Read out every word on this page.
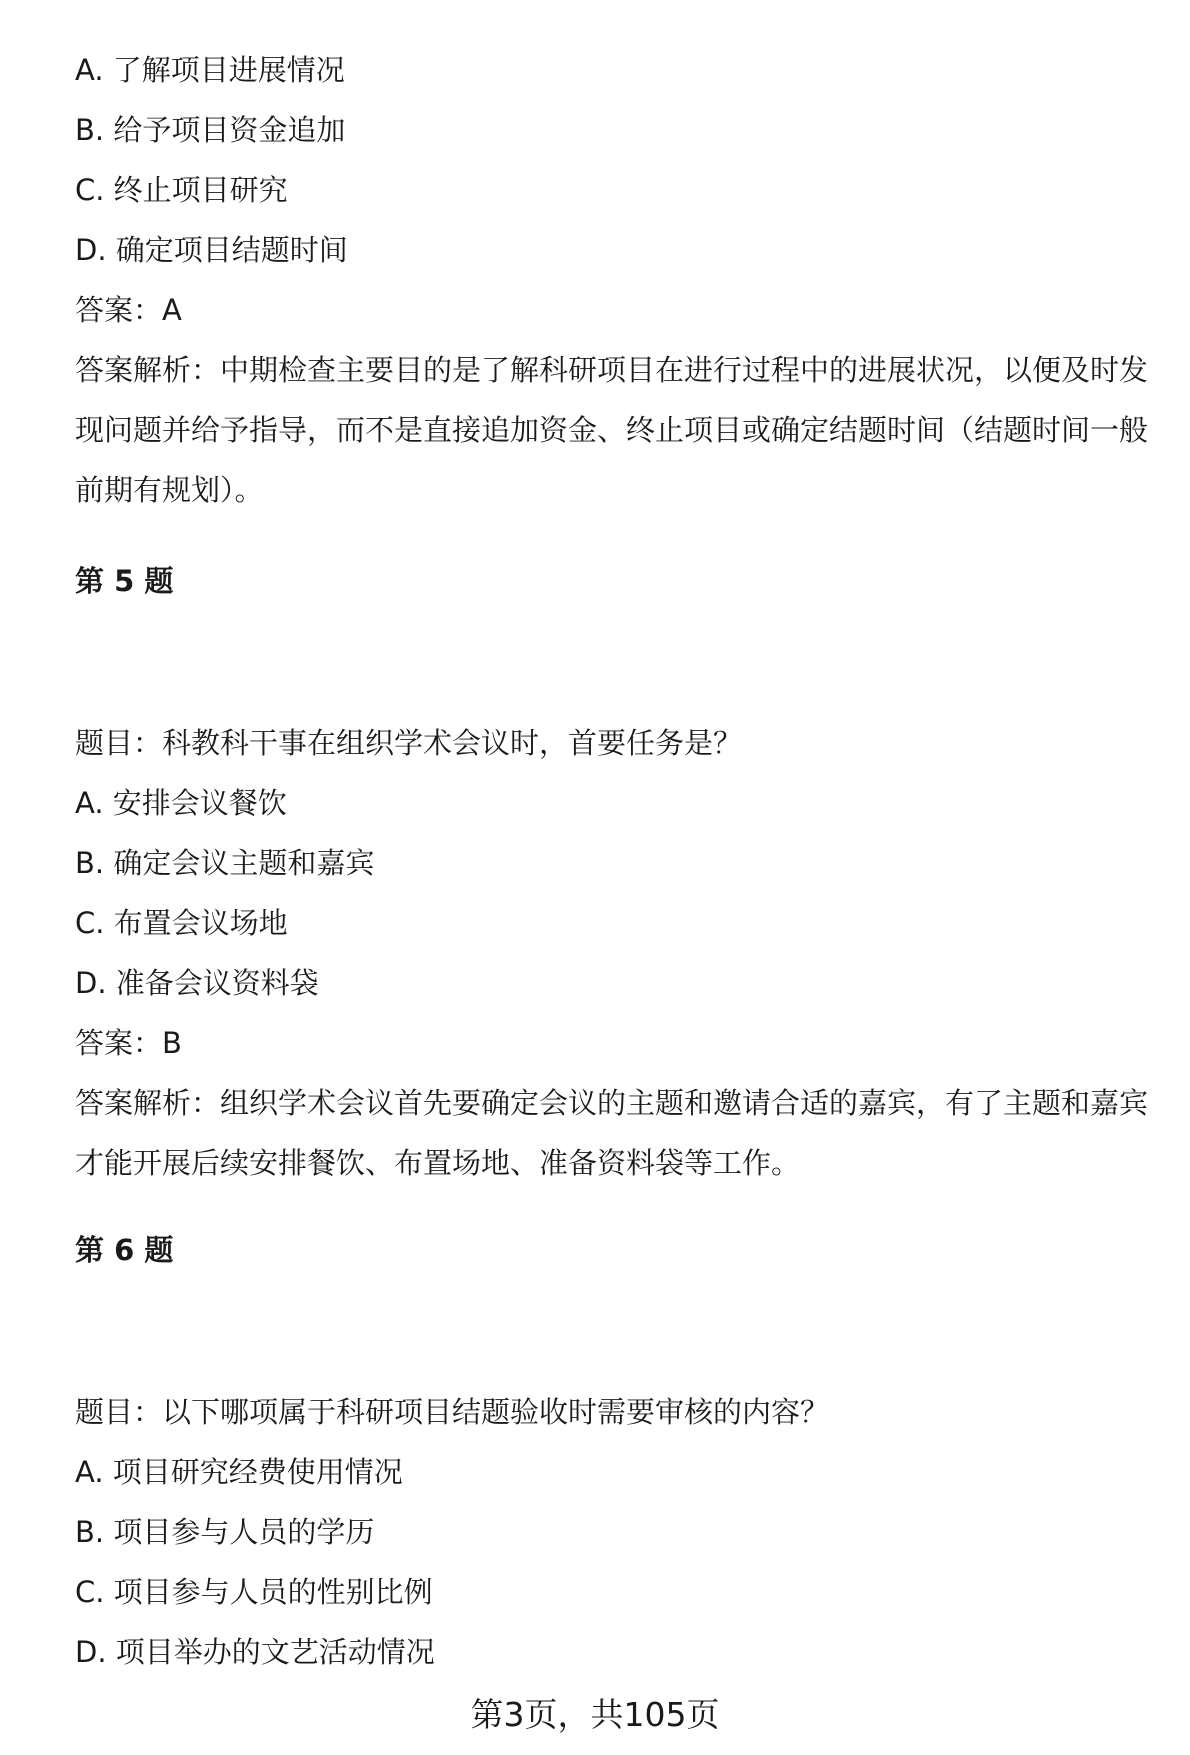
A. 了解项目进展情况
B. 给予项目资金追加
C. 终止项目研究
D. 确定项目结题时间
答案：A
答案解析：中期检查主要目的是了解科研项目在进行过程中的进展状况，以便及时发现问题并给予指导，而不是直接追加资金、终止项目或确定结题时间（结题时间一般前期有规划）。
第 5 题
题目：科教科干事在组织学术会议时，首要任务是？
A. 安排会议餐饮
B. 确定会议主题和嘉宾
C. 布置会议场地
D. 准备会议资料袋
答案：B
答案解析：组织学术会议首先要确定会议的主题和邀请合适的嘉宾，有了主题和嘉宾才能开展后续安排餐饮、布置场地、准备资料袋等工作。
第 6 题
题目：以下哪项属于科研项目结题验收时需要审核的内容？
A. 项目研究经费使用情况
B. 项目参与人员的学历
C. 项目参与人员的性别比例
D. 项目举办的文艺活动情况
第3页，共105页
